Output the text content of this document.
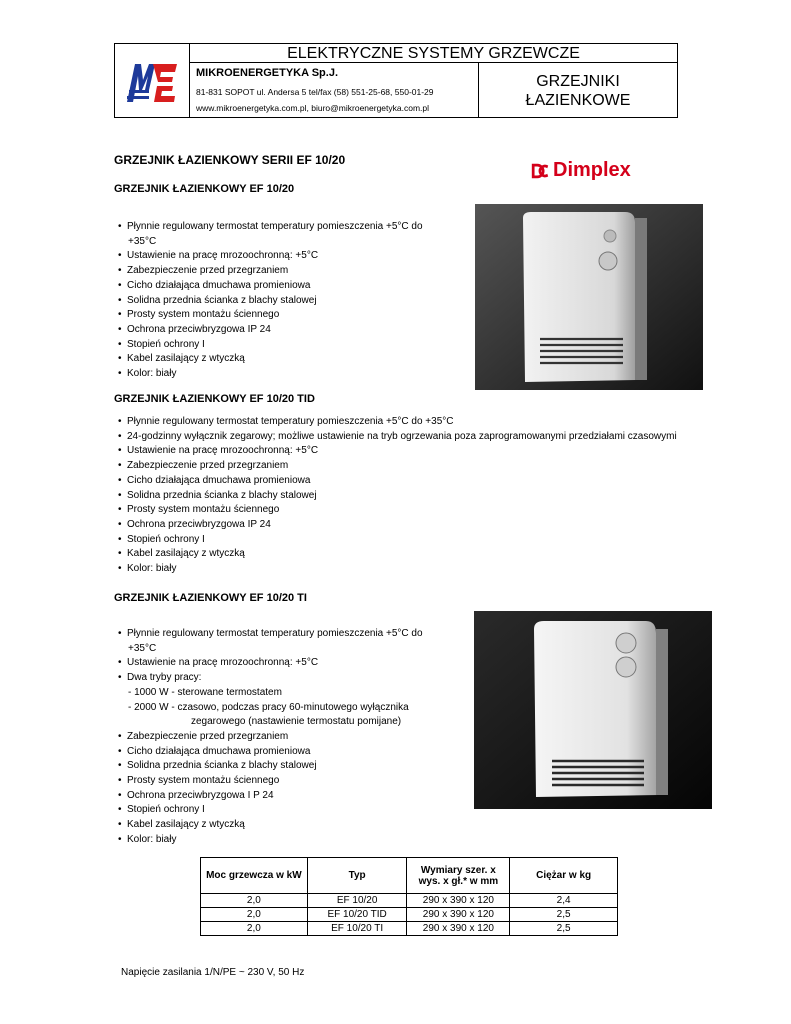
ELEKTRYCZNE SYSTEMY GRZEWCZE
MIKROENERGETYKA Sp.J.
81-831 SOPOT ul. Andersa 5 tel/fax (58) 551-25-68, 550-01-29
www.mikroenergetyka.com.pl, biuro@mikroenergetyka.com.pl
GRZEJNIKI
ŁAZIENKOWE
GRZEJNIK ŁAZIENKOWY SERII EF 10/20	Dimplex
GRZEJNIK ŁAZIENKOWY EF 10/20
• Płynnie regulowany termostat temperatury pomieszczenia +5°C do
+35°C
• Ustawienie na pracę mrozoochronną: +5°C
• Zabezpieczenie przed przegrzaniem
• Cicho działająca dmuchawa promieniowa
• Solidna przednia ścianka z blachy stalowej
• Prosty system montażu ściennego
• Ochrona przeciwbryzgowa IP 24
• Stopień ochrony I
• Kabel zasilający z wtyczką
• Kolor: biały
GRZEJNIK ŁAZIENKOWY EF 10/20 TID
• Płynnie regulowany termostat temperatury pomieszczenia +5°C do +35°C
• 24-godzinny wyłącznik zegarowy; możliwe ustawienie na tryb ogrzewania poza zaprogramowanymi przedziałami czasowymi
• Ustawienie na pracę mrozoochronną: +5°C
• Zabezpieczenie przed przegrzaniem
• Cicho działająca dmuchawa promieniowa
• Solidna przednia ścianka z blachy stalowej
• Prosty system montażu ściennego
• Ochrona przeciwbryzgowa IP 24
• Stopień ochrony I
• Kabel zasilający z wtyczką
• Kolor: biały
GRZEJNIK ŁAZIENKOWY EF 10/20 TI
• Płynnie regulowany termostat temperatury pomieszczenia +5°C do
+35°C
• Ustawienie na pracę mrozoochronną: +5°C
• Dwa tryby pracy:
- 1000 W - sterowane termostatem
- 2000 W - czasowo, podczas pracy 60-minutowego wyłącznika
zegarowego (nastawienie termostatu pomijane)
• Zabezpieczenie przed przegrzaniem
• Cicho działająca dmuchawa promieniowa
• Solidna przednia ścianka z blachy stalowej
• Prosty system montażu ściennego
• Ochrona przeciwbryzgowa I P 24
• Stopień ochrony I
• Kabel zasilający z wtyczką
• Kolor: biały
Moc grzewcza w kW	Typ	Wymiary szer. x wys. x gł.* w mm	Ciężar w kg
2,0	EF 10/20	290 x 390 x 120	2,4
2,0	EF 10/20 TID	290 x 390 x 120	2,5
2,0	EF 10/20 TI	290 x 390 x 120	2,5
Napięcie zasilania 1/N/PE ~ 230 V, 50 Hz
